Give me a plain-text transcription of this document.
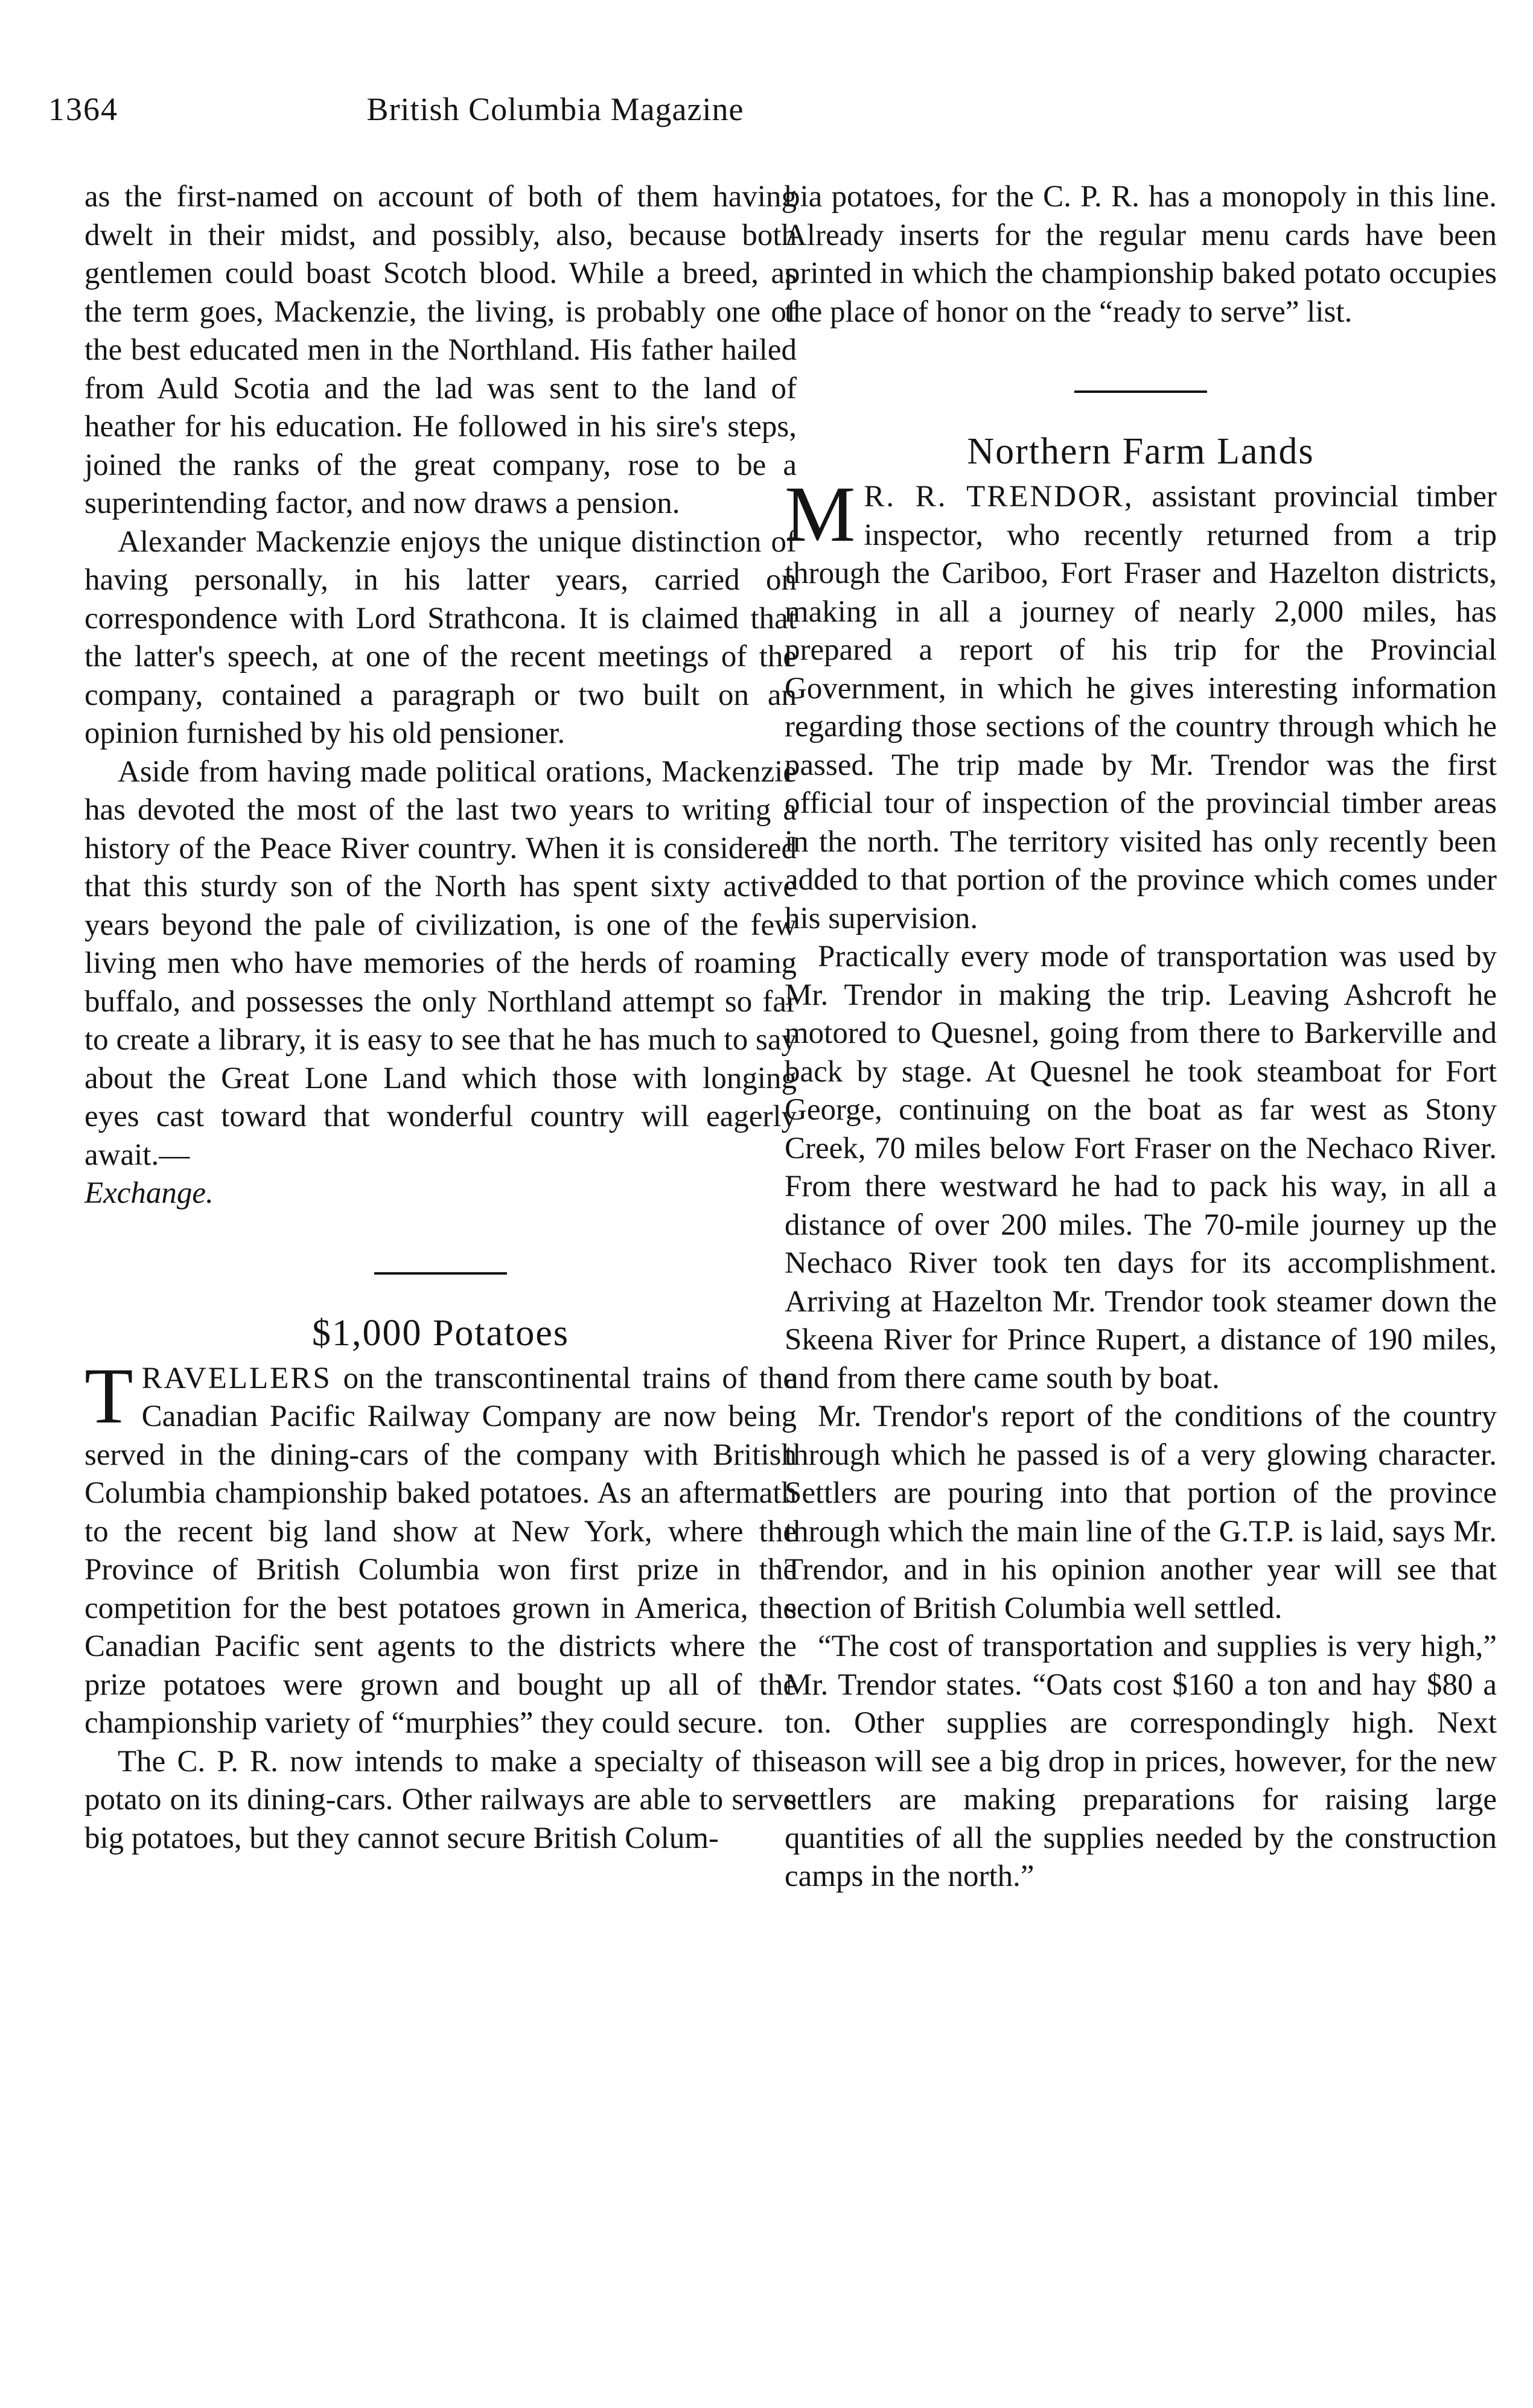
1364	British Columbia Magazine

as the first-named on account of both of them having dwelt in their midst, and possibly, also, because both gentlemen could boast Scotch blood. While a breed, as the term goes, Mackenzie, the living, is probably one of the best educated men in the Northland. His father hailed from Auld Scotia and the lad was sent to the land of heather for his education. He followed in his sire's steps, joined the ranks of the great company, rose to be a superintending factor, and now draws a pension.

Alexander Mackenzie enjoys the unique distinction of having personally, in his latter years, carried on correspondence with Lord Strathcona. It is claimed that the latter's speech, at one of the recent meetings of the company, contained a paragraph or two built on an opinion furnished by his old pensioner.

Aside from having made political orations, Mackenzie has devoted the most of the last two years to writing a history of the Peace River country. When it is considered that this sturdy son of the North has spent sixty active years beyond the pale of civilization, is one of the few living men who have memories of the herds of roaming buffalo, and possesses the only Northland attempt so far to create a library, it is easy to see that he has much to say about the Great Lone Land which those with longing eyes cast toward that wonderful country will eagerly await.—
Exchange.

$1,000 Potatoes

TRAVELLERS on the transcontinental trains of the Canadian Pacific Railway Company are now being served in the dining-cars of the company with British Columbia championship baked potatoes. As an aftermath to the recent big land show at New York, where the Province of British Columbia won first prize in the competition for the best potatoes grown in America, the Canadian Pacific sent agents to the districts where the prize potatoes were grown and bought up all of the championship variety of “murphies” they could secure.

The C. P. R. now intends to make a specialty of this potato on its dining-cars. Other railways are able to serve big potatoes, but they cannot secure British Colum-

bia potatoes, for the C. P. R. has a monopoly in this line. Already inserts for the regular menu cards have been printed in which the championship baked potato occupies the place of honor on the “ready to serve” list.

Northern Farm Lands

M R. R. TRENDOR, assistant provincial timber inspector, who recently returned from a trip through the Cariboo, Fort Fraser and Hazelton districts, making in all a journey of nearly 2,000 miles, has prepared a report of his trip for the Provincial Government, in which he gives interesting information regarding those sections of the country through which he passed. The trip made by Mr. Trendor was the first official tour of inspection of the provincial timber areas in the north. The territory visited has only recently been added to that portion of the province which comes under his supervision.

Practically every mode of transportation was used by Mr. Trendor in making the trip. Leaving Ashcroft he motored to Quesnel, going from there to Barkerville and back by stage. At Quesnel he took steamboat for Fort George, continuing on the boat as far west as Stony Creek, 70 miles below Fort Fraser on the Nechaco River. From there westward he had to pack his way, in all a distance of over 200 miles. The 70-mile journey up the Nechaco River took ten days for its accomplishment. Arriving at Hazelton Mr. Trendor took steamer down the Skeena River for Prince Rupert, a distance of 190 miles, and from there came south by boat.

Mr. Trendor's report of the conditions of the country through which he passed is of a very glowing character. Settlers are pouring into that portion of the province through which the main line of the G.T.P. is laid, says Mr. Trendor, and in his opinion another year will see that section of British Columbia well settled.

“The cost of transportation and supplies is very high,” Mr. Trendor states. “Oats cost $160 a ton and hay $80 a ton. Other supplies are correspondingly high. Next season will see a big drop in prices, however, for the new settlers are making preparations for raising large quantities of all the supplies needed by the construction camps in the north.”
